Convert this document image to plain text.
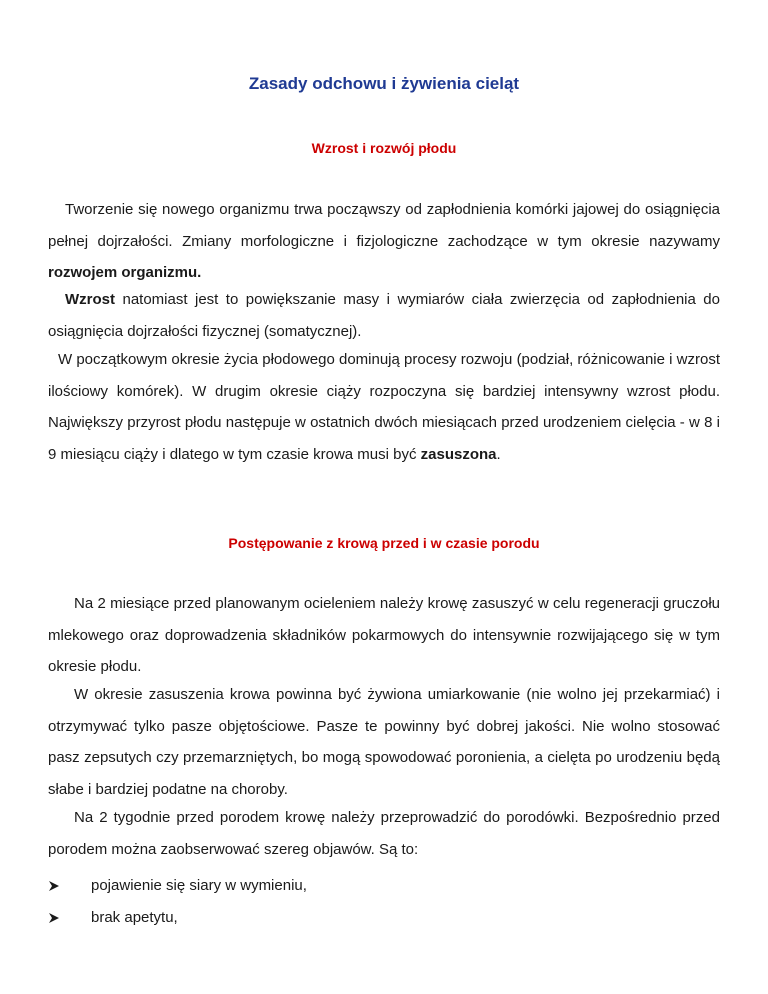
Zasady odchowu i żywienia cieląt
Wzrost i rozwój płodu

Tworzenie się nowego organizmu trwa począwszy od zapłodnienia komórki jajowej do osiągnięcia pełnej dojrzałości. Zmiany morfologiczne i fizjologiczne zachodzące w tym okresie nazywamy rozwojem organizmu.

Wzrost natomiast jest to powiększanie masy i wymiarów ciała zwierzęcia od zapłodnienia do osiągnięcia dojrzałości fizycznej (somatycznej).

W początkowym okresie życia płodowego dominują procesy rozwoju (podział, różnicowanie i wzrost ilościowy komórek). W drugim okresie ciąży rozpoczyna się bardziej intensywny wzrost płodu. Największy przyrost płodu następuje w ostatnich dwóch miesiącach przed urodzeniem cielęcia - w 8 i 9 miesiącu ciąży i dlatego w tym czasie krowa musi być zasuszona.

Postępowanie z krową przed i w czasie porodu

Na 2 miesiące przed planowanym ocieleniem należy krowę zasuszyć w celu regeneracji gruczołu mlekowego oraz doprowadzenia składników pokarmowych do intensywnie rozwijającego się w tym okresie płodu.

W okresie zasuszenia krowa powinna być żywiona umiarkowanie (nie wolno jej przekarmiać) i otrzymywać tylko pasze objętościowe. Pasze te powinny być dobrej jakości. Nie wolno stosować pasz zepsutych czy przemarzniętych, bo mogą spowodować poronienia, a cielęta po urodzeniu będą słabe i bardziej podatne na choroby.

Na 2 tygodnie przed porodem krowę należy przeprowadzić do porodówki. Bezpośrednio przed porodem można zaobserwować szereg objawów. Są to:

pojawienie się siary w wymieniu,
brak apetytu,
